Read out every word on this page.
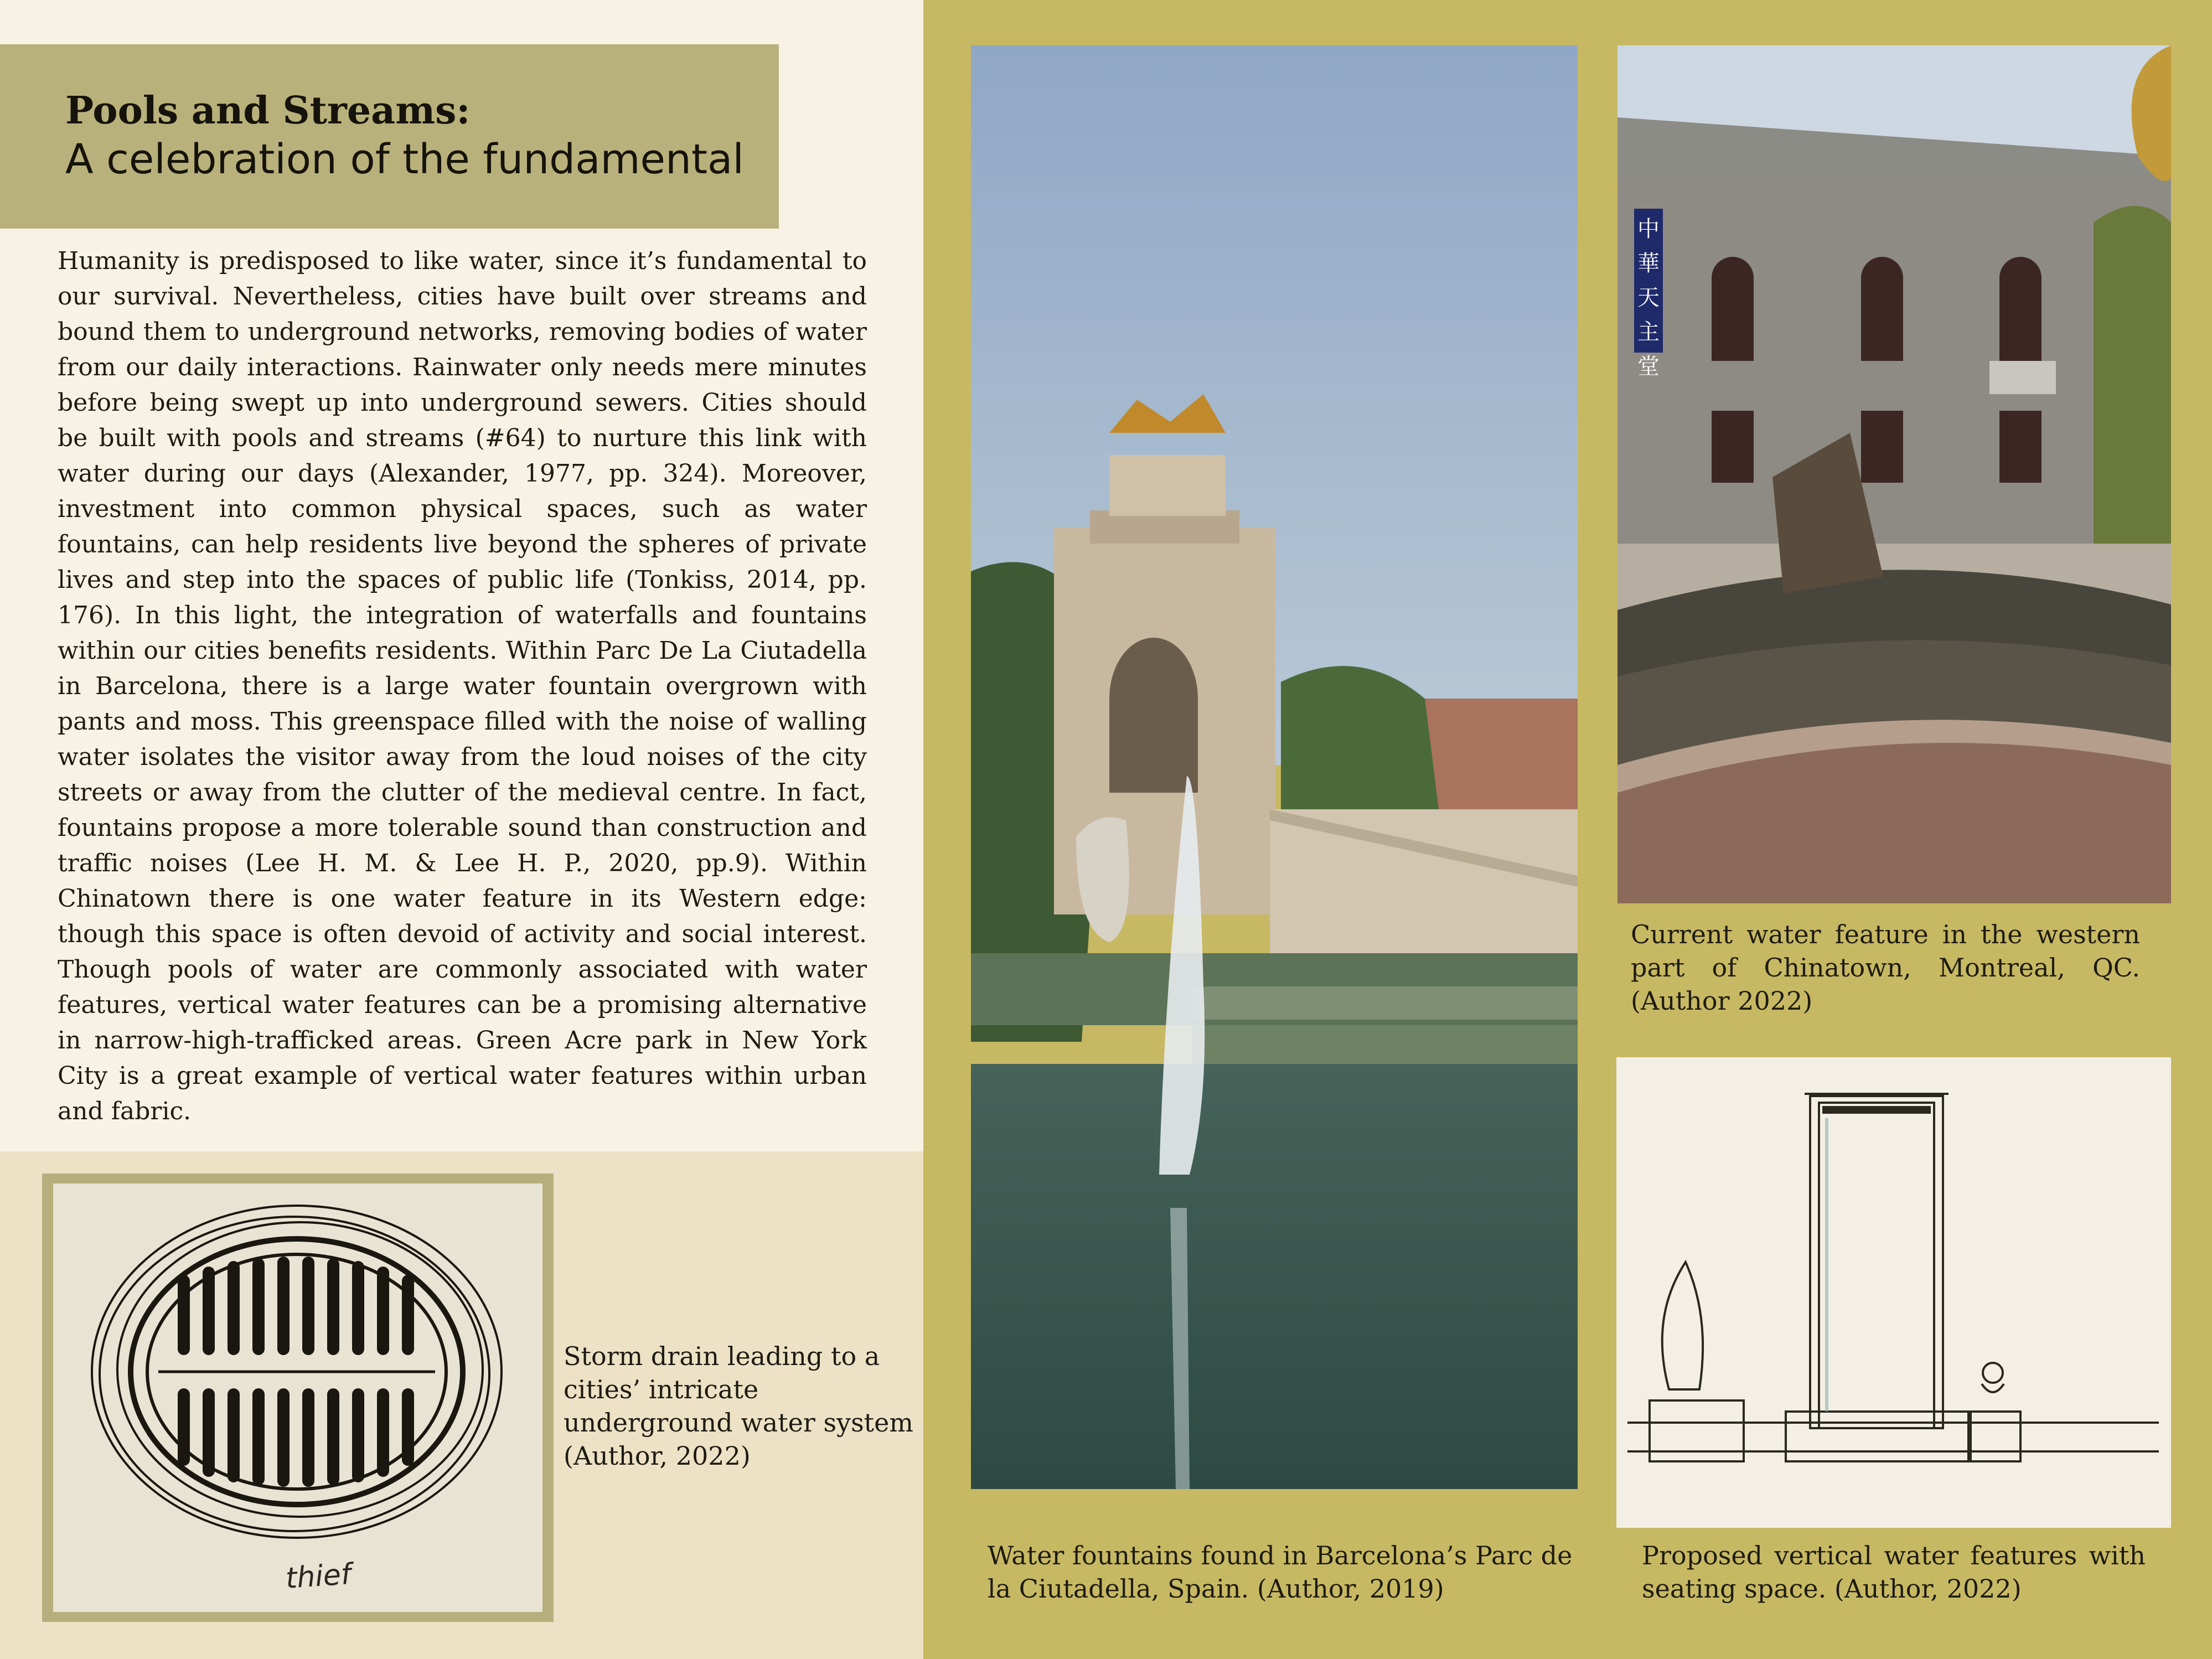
Pools and Streams:
A celebration of the fundamental

Humanity is predisposed to like water, since it’s fundamental to our survival. Nevertheless, cities have built over streams and bound them to underground networks, removing bodies of water from our daily interactions. Rainwater only needs mere minutes before being swept up into underground sewers. Cities should be built with pools and streams (#64) to nurture this link with water during our days (Alexander, 1977, pp. 324). Moreover, investment into common physical spaces, such as water fountains, can help residents live beyond the spheres of private lives and step into the spaces of public life (Tonkiss, 2014, pp. 176). In this light, the integration of waterfalls and fountains within our cities benefits residents. Within Parc De La Ciutadella in Barcelona, there is a large water fountain overgrown with pants and moss. This greenspace filled with the noise of walling water isolates the visitor away from the loud noises of the city streets or away from the clutter of the medieval centre. In fact, fountains propose a more tolerable sound than construction and traffic noises (Lee H. M. & Lee H. P., 2020, pp.9). Within Chinatown there is one water feature in its Western edge: though this space is often devoid of activity and social interest. Though pools of water are commonly associated with water features, vertical water features can be a promising alternative in narrow-high-trafficked areas. Green Acre park in New York City is a great example of vertical water features within urban and fabric.

thief

Storm drain leading to a cities’ intricate underground water system (Author, 2022)

Water fountains found in Barcelona’s Parc de la Ciutadella, Spain. (Author, 2019)

中華天主堂

Current water feature in the western part of Chinatown, Montreal, QC. (Author 2022)

Proposed vertical water features with seating space. (Author, 2022)
